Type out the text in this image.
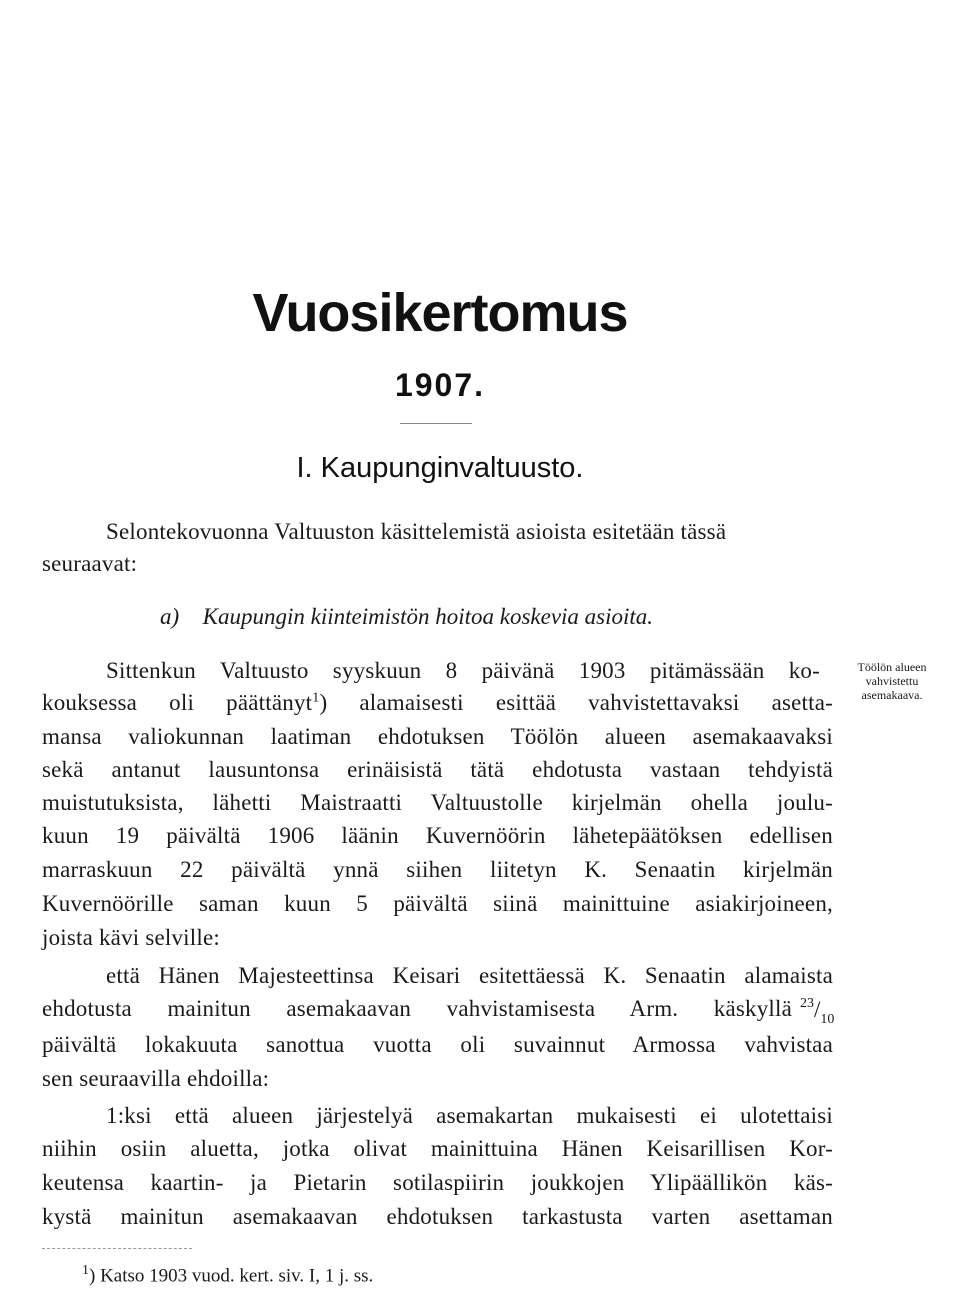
Vuosikertomus
1907.
I. Kaupunginvaltuusto.
Selontekovuonna Valtuuston käsittelemistä asioista esitetään tässä
seuraavat:
a) Kaupungin kiinteimistön hoitoa koskevia asioita.
Töölön alueen
vahvistettu
asemakaava.
Sittenkun Valtuusto syyskuun 8 päivänä 1903 pitämässään ko-
kouksessa oli päättänyt$^1$) alamaisesti esittää vahvistettavaksi asetta-
mansa valiokunnan laatiman ehdotuksen Töölön alueen asemakaavaksi
sekä antanut lausuntonsa erinäisistä tätä ehdotusta vastaan tehdyistä
muistutuksista, lähetti Maistraatti Valtuustolle kirjelmän ohella joulu-
kuun 19 päivältä 1906 läänin Kuvernöörin lähetepäätöksen edellisen
marraskuun 22 päivältä ynnä siihen liitetyn K. Senaatin kirjelmän
Kuvernöörille saman kuun 5 päivältä siinä mainittuine asiakirjoineen,
joista kävi selville:
että Hänen Majesteettinsa Keisari esitettäessä K. Senaatin alamaista
ehdotusta mainitun asemakaavan vahvistamisesta Arm. käskyllä $^{23}/_{10}$
päivältä lokakuuta sanottua vuotta oli suvainnut Armossa vahvistaa
sen seuraavilla ehdoilla:
1:ksi että alueen järjestelyä asemakartan mukaisesti ei ulotettaisi
niihin osiin aluetta, jotka olivat mainittuina Hänen Keisarillisen Kor-
keutensa kaartin- ja Pietarin sotilaspiirin joukkojen Ylipäällikön käs-
kystä mainitun asemakaavan ehdotuksen tarkastusta varten asettaman
$^1$) Katso 1903 vuod. kert. siv. I, 1 j. ss.
